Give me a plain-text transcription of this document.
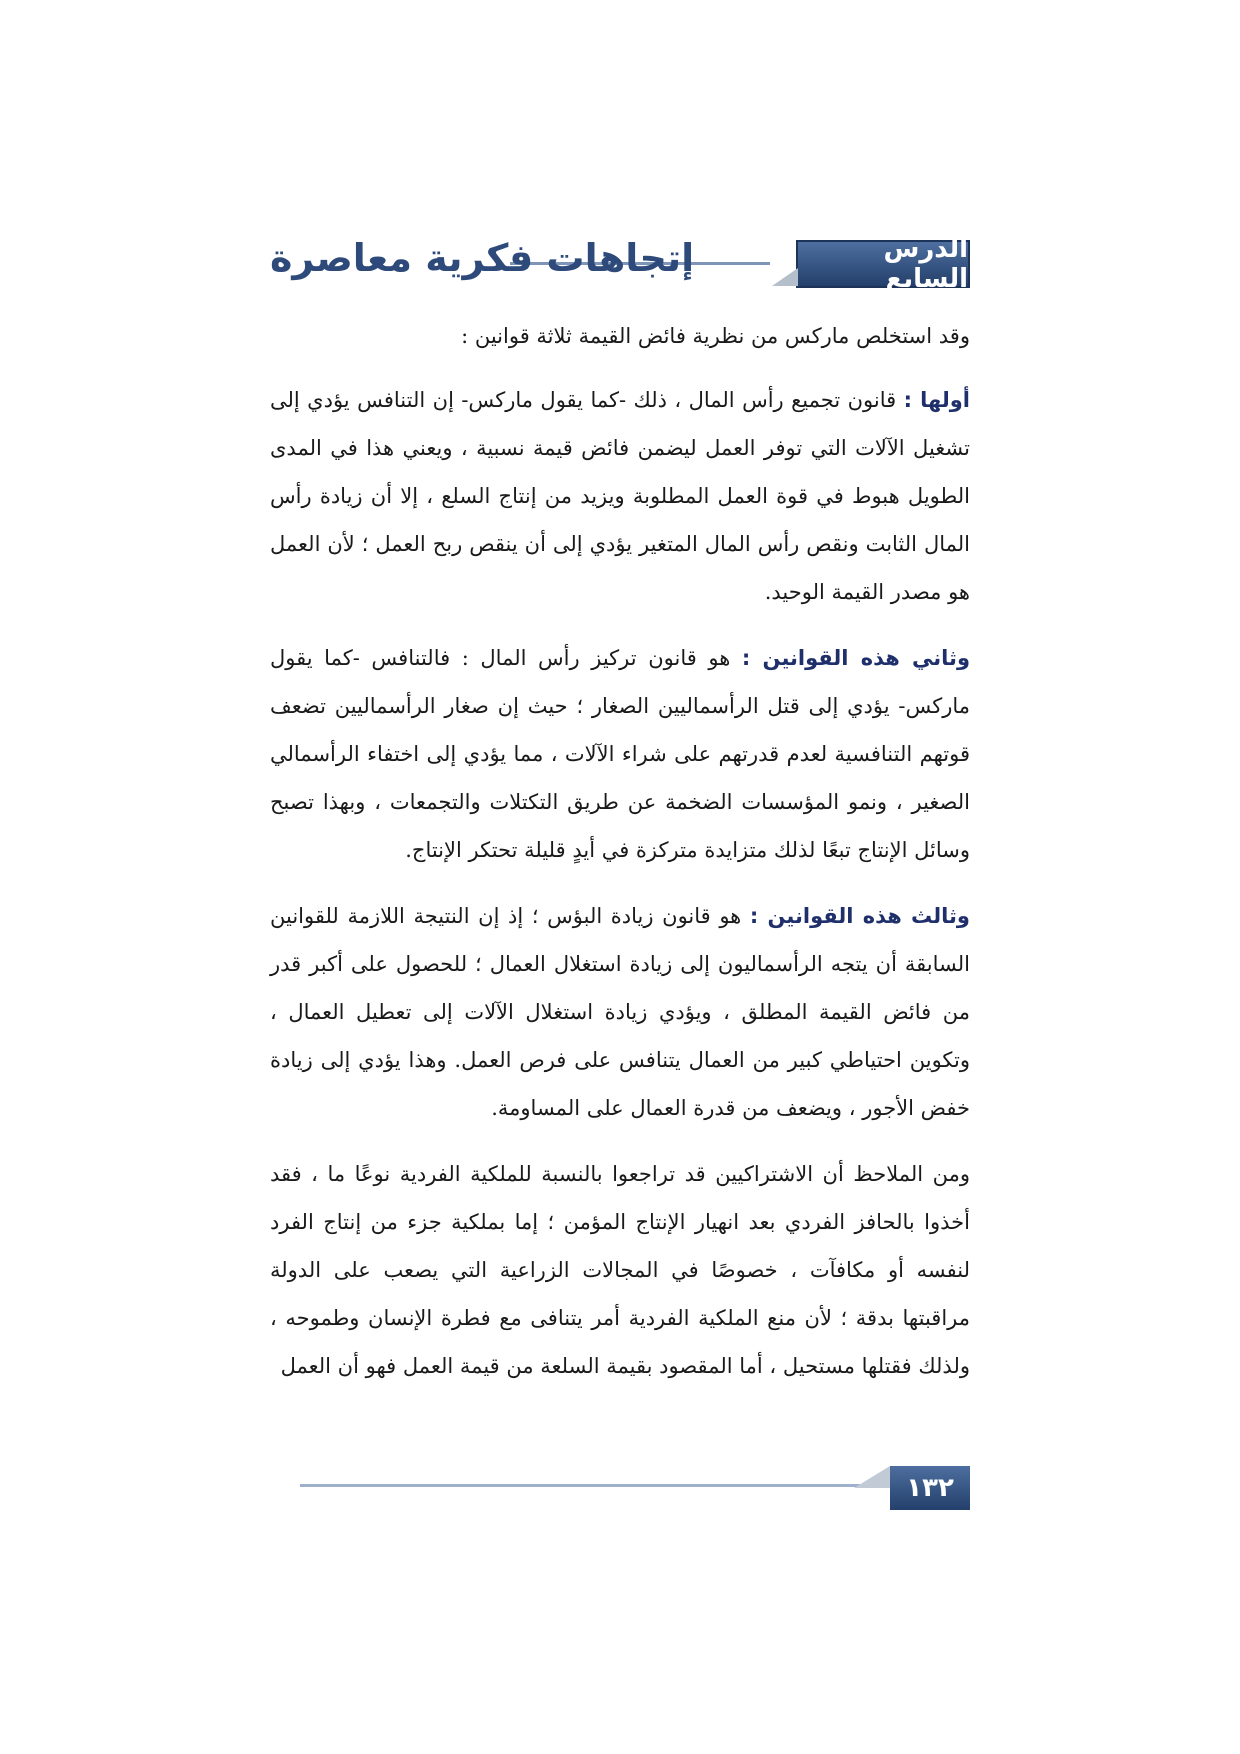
الدرس السابع
إتجاهات فكرية معاصرة

وقد استخلص ماركس من نظرية فائض القيمة ثلاثة قوانين :

أولها : قانون تجميع رأس المال ، ذلك -كما يقول ماركس- إن التنافس يؤدي إلى تشغيل الآلات التي توفر العمل ليضمن فائض قيمة نسبية ، ويعني هذا في المدى الطويل هبوط في قوة العمل المطلوبة ويزيد من إنتاج السلع ، إلا أن زيادة رأس المال الثابت ونقص رأس المال المتغير يؤدي إلى أن ينقص ربح العمل ؛ لأن العمل هو مصدر القيمة الوحيد.

وثاني هذه القوانين : هو قانون تركيز رأس المال : فالتنافس -كما يقول ماركس- يؤدي إلى قتل الرأسماليين الصغار ؛ حيث إن صغار الرأسماليين تضعف قوتهم التنافسية لعدم قدرتهم على شراء الآلات ، مما يؤدي إلى اختفاء الرأسمالي الصغير ، ونمو المؤسسات الضخمة عن طريق التكتلات والتجمعات ، وبهذا تصبح وسائل الإنتاج تبعًا لذلك متزايدة متركزة في أيدٍ قليلة تحتكر الإنتاج.

وثالث هذه القوانين : هو قانون زيادة البؤس ؛ إذ إن النتيجة اللازمة للقوانين السابقة أن يتجه الرأسماليون إلى زيادة استغلال العمال ؛ للحصول على أكبر قدر من فائض القيمة المطلق ، ويؤدي زيادة استغلال الآلات إلى تعطيل العمال ، وتكوين احتياطي كبير من العمال يتنافس على فرص العمل. وهذا يؤدي إلى زيادة خفض الأجور ، ويضعف من قدرة العمال على المساومة.

ومن الملاحظ أن الاشتراكيين قد تراجعوا بالنسبة للملكية الفردية نوعًا ما ، فقد أخذوا بالحافز الفردي بعد انهيار الإنتاج المؤمن ؛ إما بملكية جزء من إنتاج الفرد لنفسه أو مكافآت ، خصوصًا في المجالات الزراعية التي يصعب على الدولة مراقبتها بدقة ؛ لأن منع الملكية الفردية أمر يتنافى مع فطرة الإنسان وطموحه ، ولذلك فقتلها مستحيل ، أما المقصود بقيمة السلعة من قيمة العمل فهو أن العمل

١٣٢
